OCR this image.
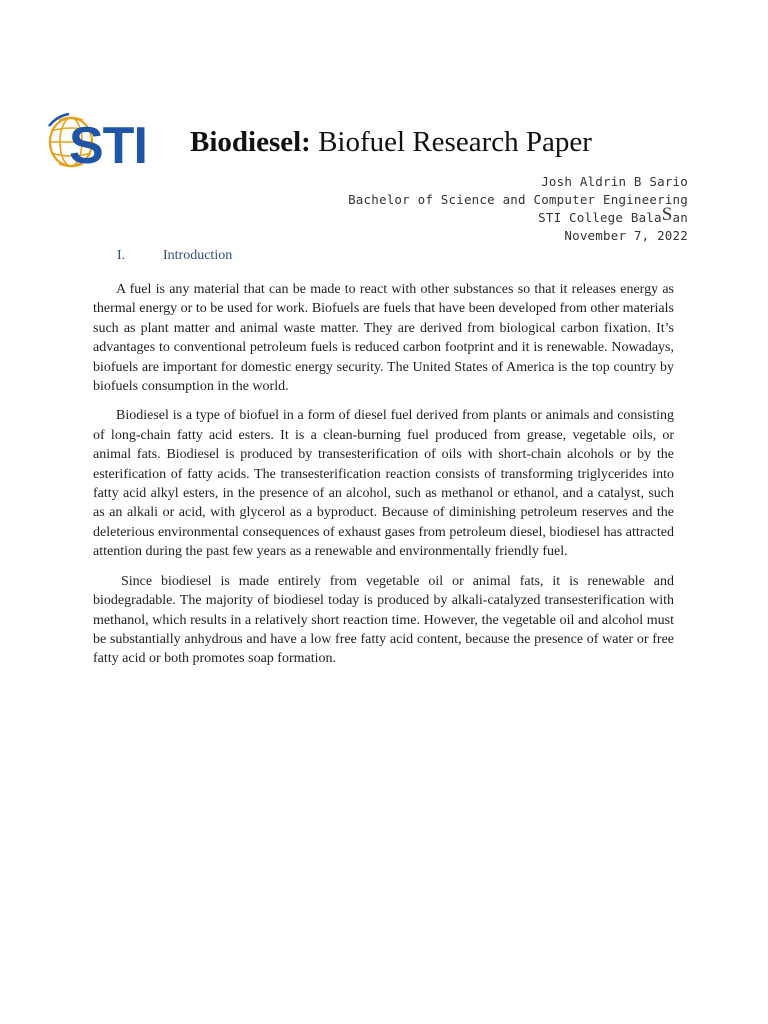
STI Biodiesel: Biofuel Research Paper
Josh Aldrin B Sario
Bachelor of Science and Computer Engineering
STI College BalaSan
November 7, 2022
I.	Introduction

A fuel is any material that can be made to react with other substances so that it releases energy as thermal energy or to be used for work. Biofuels are fuels that have been developed from other materials such as plant matter and animal waste matter. They are derived from biological carbon fixation. It’s advantages to conventional petroleum fuels is reduced carbon footprint and it is renewable. Nowadays, biofuels are important for domestic energy security. The United States of America is the top country by biofuels consumption in the world.

Biodiesel is a type of biofuel in a form of diesel fuel derived from plants or animals and consisting of long-chain fatty acid esters. It is a clean-burning fuel produced from grease, vegetable oils, or animal fats. Biodiesel is produced by transesterification of oils with short-chain alcohols or by the esterification of fatty acids. The transesterification reaction consists of transforming triglycerides into fatty acid alkyl esters, in the presence of an alcohol, such as methanol or ethanol, and a catalyst, such as an alkali or acid, with glycerol as a byproduct. Because of diminishing petroleum reserves and the deleterious environmental consequences of exhaust gases from petroleum diesel, biodiesel has attracted attention during the past few years as a renewable and environmentally friendly fuel.

Since biodiesel is made entirely from vegetable oil or animal fats, it is renewable and biodegradable. The majority of biodiesel today is produced by alkali-catalyzed transesterification with methanol, which results in a relatively short reaction time. However, the vegetable oil and alcohol must be substantially anhydrous and have a low free fatty acid content, because the presence of water or free fatty acid or both promotes soap formation.
